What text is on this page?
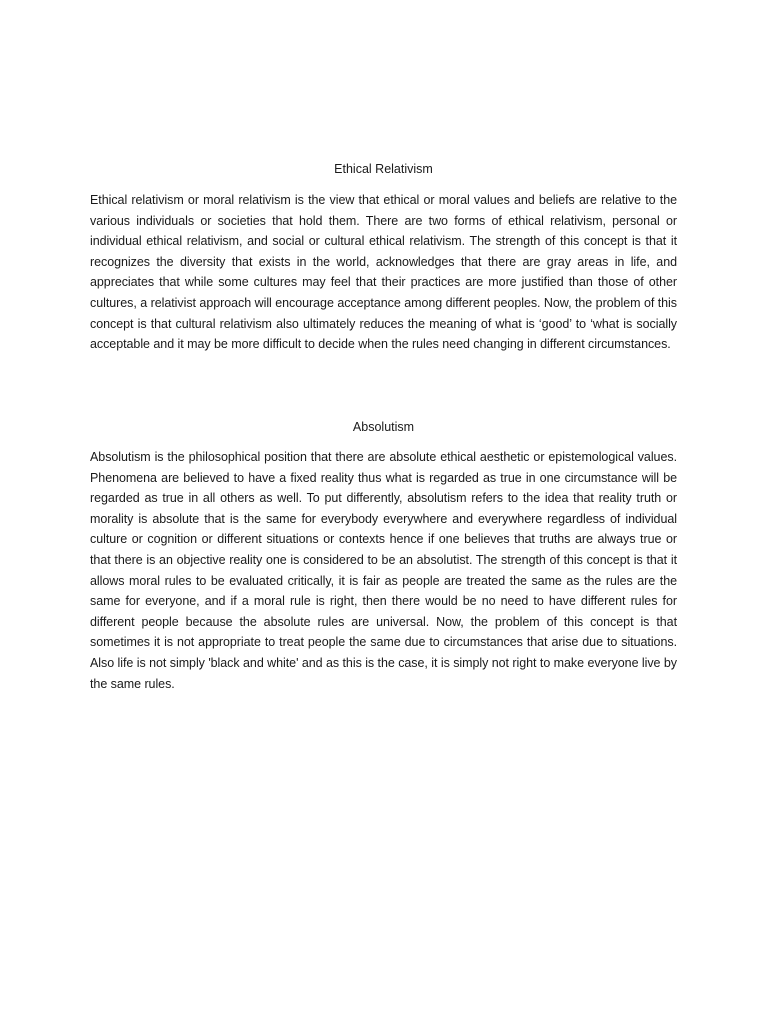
Ethical Relativism

Ethical relativism or moral relativism is the view that ethical or moral values and beliefs are relative to the various individuals or societies that hold them. There are two forms of ethical relativism, personal or individual ethical relativism, and social or cultural ethical relativism. The strength of this concept is that it recognizes the diversity that exists in the world, acknowledges that there are gray areas in life, and appreciates that while some cultures may feel that their practices are more justified than those of other cultures, a relativist approach will encourage acceptance among different peoples. Now, the problem of this concept is that cultural relativism also ultimately reduces the meaning of what is ‘good’ to ‘what is socially acceptable and it may be more difficult to decide when the rules need changing in different circumstances.

Absolutism

Absolutism is the philosophical position that there are absolute ethical aesthetic or epistemological values. Phenomena are believed to have a fixed reality thus what is regarded as true in one circumstance will be regarded as true in all others as well. To put differently, absolutism refers to the idea that reality truth or morality is absolute that is the same for everybody everywhere and everywhere regardless of individual culture or cognition or different situations or contexts hence if one believes that truths are always true or that there is an objective reality one is considered to be an absolutist. The strength of this concept is that it allows moral rules to be evaluated critically, it is fair as people are treated the same as the rules are the same for everyone, and if a moral rule is right, then there would be no need to have different rules for different people because the absolute rules are universal. Now, the problem of this concept is that sometimes it is not appropriate to treat people the same due to circumstances that arise due to situations. Also life is not simply 'black and white' and as this is the case, it is simply not right to make everyone live by the same rules.
